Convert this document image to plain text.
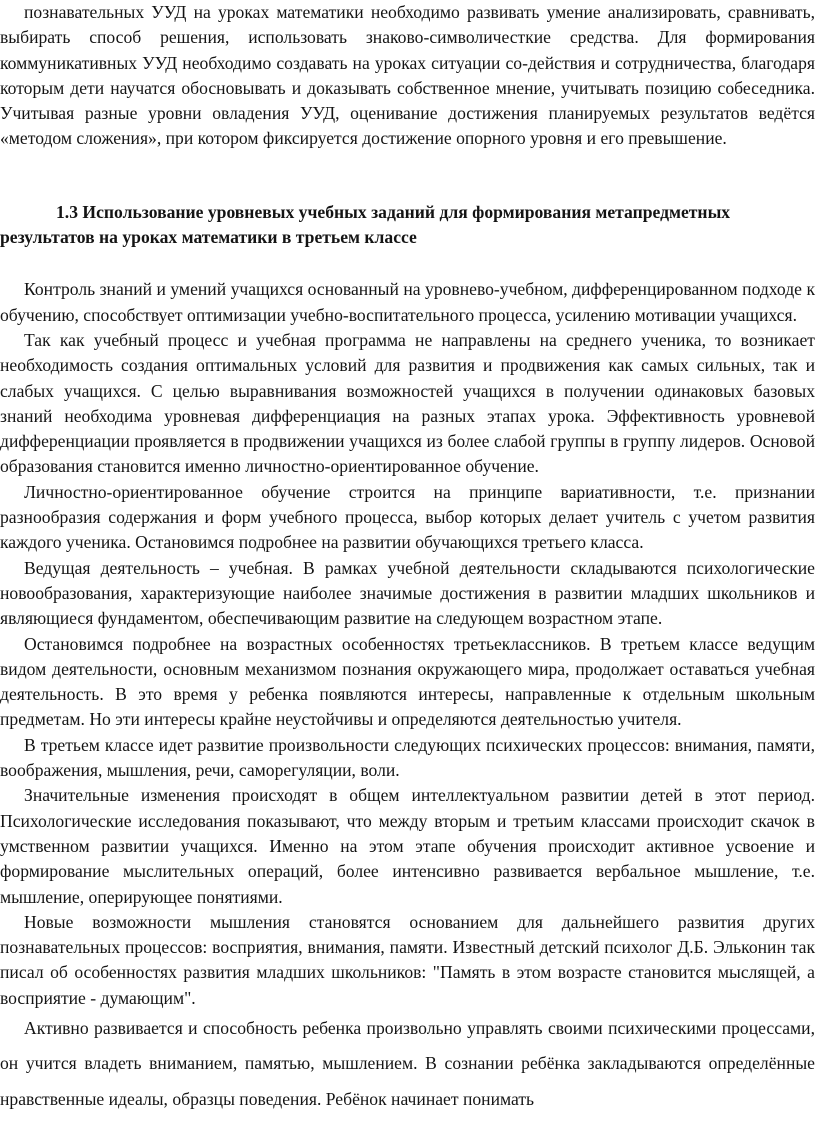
познавательных УУД на уроках математики необходимо развивать умение анализировать, сравнивать, выбирать способ решения, использовать знаково-символичесткие средства. Для формирования коммуникативных УУД необходимо создавать на уроках ситуации со-действия и сотрудничества, благодаря которым дети научатся обосновывать и доказывать собственное мнение, учитывать позицию собеседника. Учитывая разные уровни овладения УУД, оценивание достижения планируемых результатов ведётся «методом сложения», при котором фиксируется достижение опорного уровня и его превышение.

1.3 Использование уровневых учебных заданий для формирования метапредметных результатов на уроках математики в третьем классе

Контроль знаний и умений учащихся основанный на уровнево-учебном, дифференцированном подходе к обучению, способствует оптимизации учебно-воспитательного процесса, усилению мотивации учащихся.

Так как учебный процесс и учебная программа не направлены на среднего ученика, то возникает необходимость создания оптимальных условий для развития и продвижения как самых сильных, так и слабых учащихся. С целью выравнивания возможностей учащихся в получении одинаковых базовых знаний необходима уровневая дифференциация на разных этапах урока. Эффективность уровневой дифференциации проявляется в продвижении учащихся из более слабой группы в группу лидеров. Основой образования становится именно личностно-ориентированное обучение.

Личностно-ориентированное обучение строится на принципе вариативности, т.е. признании разнообразия содержания и форм учебного процесса, выбор которых делает учитель с учетом развития каждого ученика. Остановимся подробнее на развитии обучающихся третьего класса.

Ведущая деятельность – учебная. В рамках учебной деятельности складываются психологические новообразования, характеризующие наиболее значимые достижения в развитии младших школьников и являющиеся фундаментом, обеспечивающим развитие на следующем возрастном этапе.

Остановимся подробнее на возрастных особенностях третьеклассников. В третьем классе ведущим видом деятельности, основным механизмом познания окружающего мира, продолжает оставаться учебная деятельность. В это время у ребенка появляются интересы, направленные к отдельным школьным предметам. Но эти интересы крайне неустойчивы и определяются деятельностью учителя.

В третьем классе идет развитие произвольности следующих психических процессов: внимания, памяти, воображения, мышления, речи, саморегуляции, воли.

Значительные изменения происходят в общем интеллектуальном развитии детей в этот период. Психологические исследования показывают, что между вторым и третьим классами происходит скачок в умственном развитии учащихся. Именно на этом этапе обучения происходит активное усвоение и формирование мыслительных операций, более интенсивно развивается вербальное мышление, т.е. мышление, оперирующее понятиями.

Новые возможности мышления становятся основанием для дальнейшего развития других познавательных процессов: восприятия, внимания, памяти. Известный детский психолог Д.Б. Эльконин так писал об особенностях развития младших школьников: "Память в этом возрасте становится мыслящей, а восприятие - думающим".

Активно развивается и способность ребенка произвольно управлять своими психическими процессами, он учится владеть вниманием, памятью, мышлением. В сознании ребёнка закладываются определённые нравственные идеалы, образцы поведения. Ребёнок начинает понимать
